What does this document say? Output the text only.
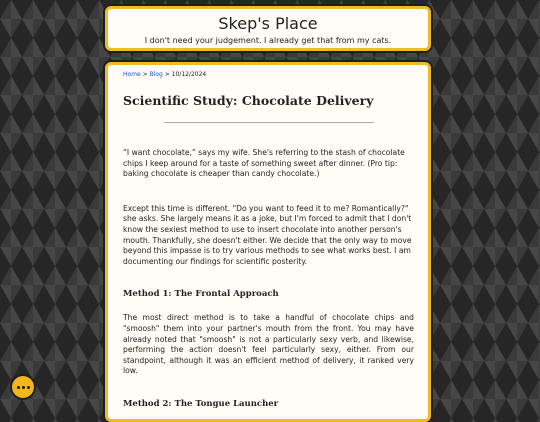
Skep's Place
I don't need your judgement. I already get that from my cats.
Home > Blog > 10/12/2024
Scientific Study: Chocolate Delivery

“I want chocolate,” says my wife. She's referring to the stash of chocolate chips I keep around for a taste of something sweet after dinner. (Pro tip: baking chocolate is cheaper than candy chocolate.)

Except this time is different. "Do you want to feed it to me? Romantically?" she asks. She largely means it as a joke, but I'm forced to admit that I don't know the sexiest method to use to insert chocolate into another person's mouth. Thankfully, she doesn't either. We decide that the only way to move beyond this impasse is to try various methods to see what works best. I am documenting our findings for scientific posterity.

Method 1: The Frontal Approach

The most direct method is to take a handful of chocolate chips and "smoosh" them into your partner's mouth from the front. You may have already noted that "smoosh" is not a particularly sexy verb, and likewise, performing the action doesn't feel particularly sexy, either. From our standpoint, although it was an efficient method of delivery, it ranked very low.

Method 2: The Tongue Launcher
